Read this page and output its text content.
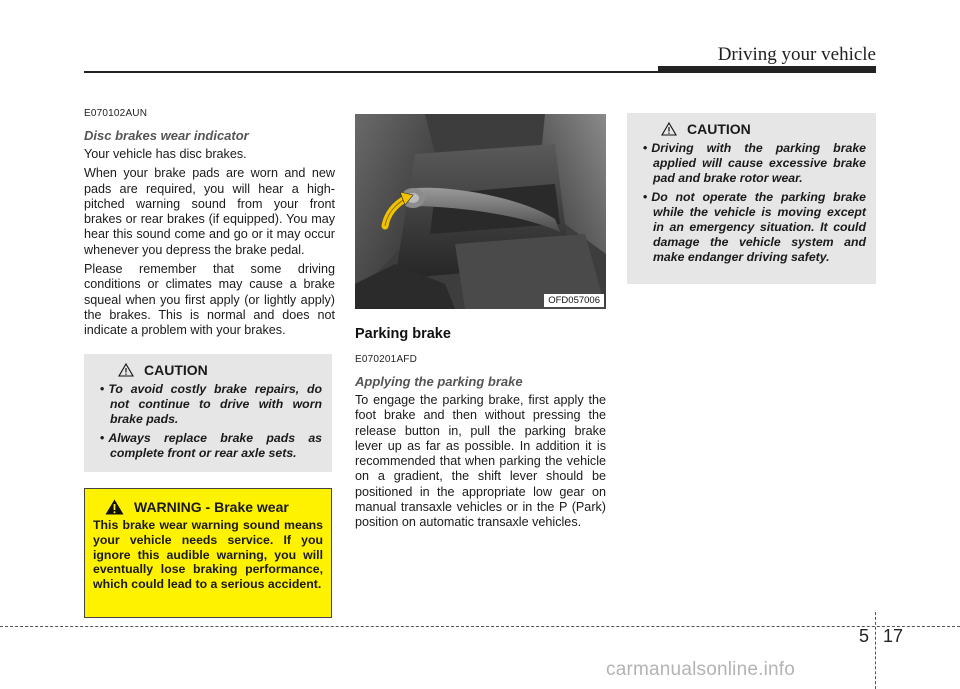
Driving your vehicle
E070102AUN
Disc brakes wear indicator

Your vehicle has disc brakes.

When your brake pads are worn and new pads are required, you will hear a high-pitched warning sound from your front brakes or rear brakes (if equipped). You may hear this sound come and go or it may occur whenever you depress the brake pedal.

Please remember that some driving conditions or climates may cause a brake squeal when you first apply (or lightly apply) the brakes. This is normal and does not indicate a problem with your brakes.

CAUTION
• To avoid costly brake repairs, do not continue to drive with worn brake pads.
• Always replace brake pads as complete front or rear axle sets.
WARNING - Brake wear

This brake wear warning sound means your vehicle needs service. If you ignore this audible warning, you will eventually lose braking performance, which could lead to a serious accident.

OFD057006
Parking brake
E070201AFD
Applying the parking brake

To engage the parking brake, first apply the foot brake and then without pressing the release button in, pull the parking brake lever up as far as possible. In addition it is recommended that when parking the vehicle on a gradient, the shift lever should be positioned in the appropriate low gear on manual transaxle vehicles or in the P (Park) position on automatic transaxle vehicles.

CAUTION
• Driving with the parking brake applied will cause excessive brake pad and brake rotor wear.
• Do not operate the parking brake while the vehicle is moving except in an emergency situation. It could damage the vehicle system and make endanger driving safety.
5 17
carmanualsonline.info
